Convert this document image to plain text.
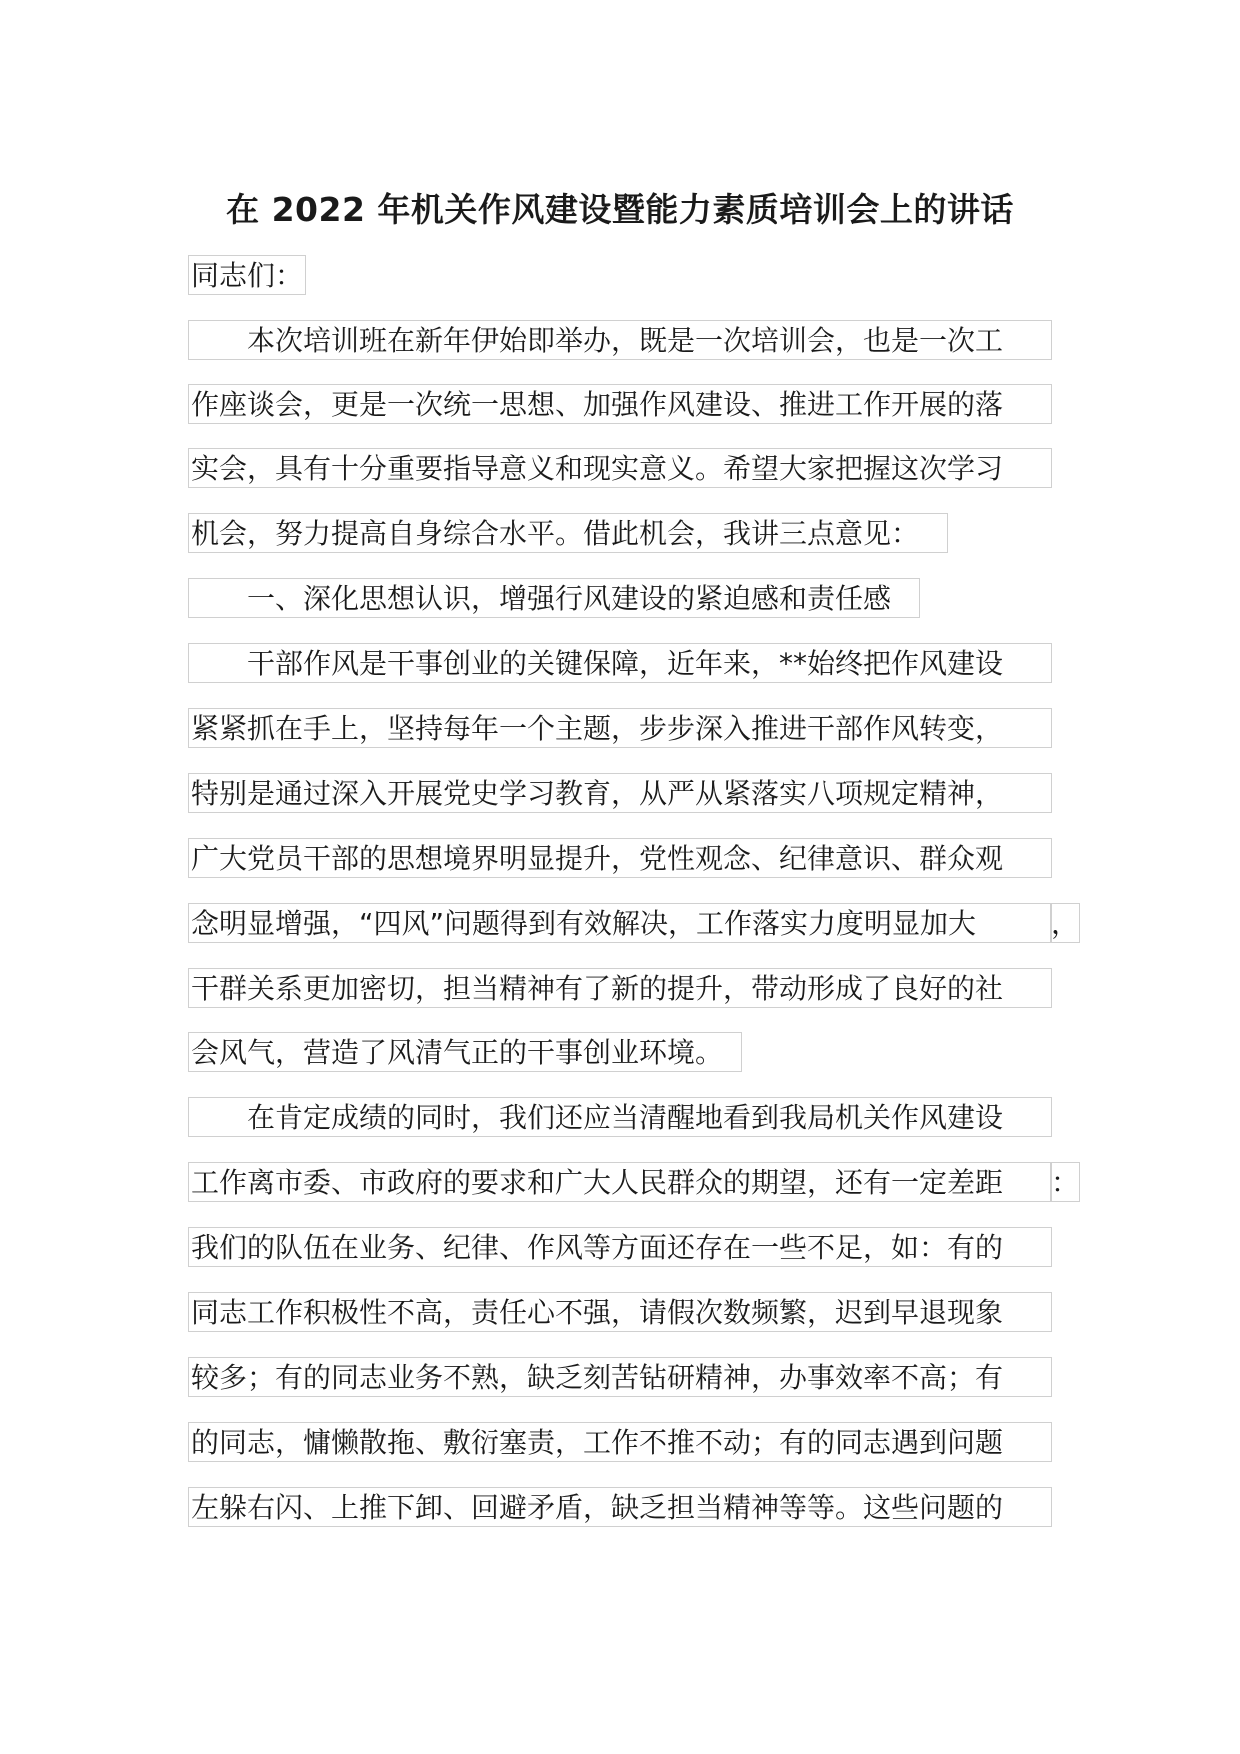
在 2022 年机关作风建设暨能力素质培训会上的讲话
同志们：
本次培训班在新年伊始即举办，既是一次培训会，也是一次工
作座谈会，更是一次统一思想、加强作风建设、推进工作开展的落
实会，具有十分重要指导意义和现实意义。希望大家把握这次学习
机会，努力提高自身综合水平。借此机会，我讲三点意见：
一、深化思想认识，增强行风建设的紧迫感和责任感
干部作风是干事创业的关键保障，近年来，**始终把作风建设
紧紧抓在手上，坚持每年一个主题，步步深入推进干部作风转变，
特别是通过深入开展党史学习教育，从严从紧落实八项规定精神，
广大党员干部的思想境界明显提升，党性观念、纪律意识、群众观
念明显增强，“四风”问题得到有效解决，工作落实力度明显加大	，
干群关系更加密切，担当精神有了新的提升，带动形成了良好的社
会风气，营造了风清气正的干事创业环境。
在肯定成绩的同时，我们还应当清醒地看到我局机关作风建设
工作离市委、市政府的要求和广大人民群众的期望，还有一定差距	：
我们的队伍在业务、纪律、作风等方面还存在一些不足，如：有的
同志工作积极性不高，责任心不强，请假次数频繁，迟到早退现象
较多；有的同志业务不熟，缺乏刻苦钻研精神，办事效率不高；有
的同志，慵懒散拖、敷衍塞责，工作不推不动；有的同志遇到问题
左躲右闪、上推下卸、回避矛盾，缺乏担当精神等等。这些问题的
